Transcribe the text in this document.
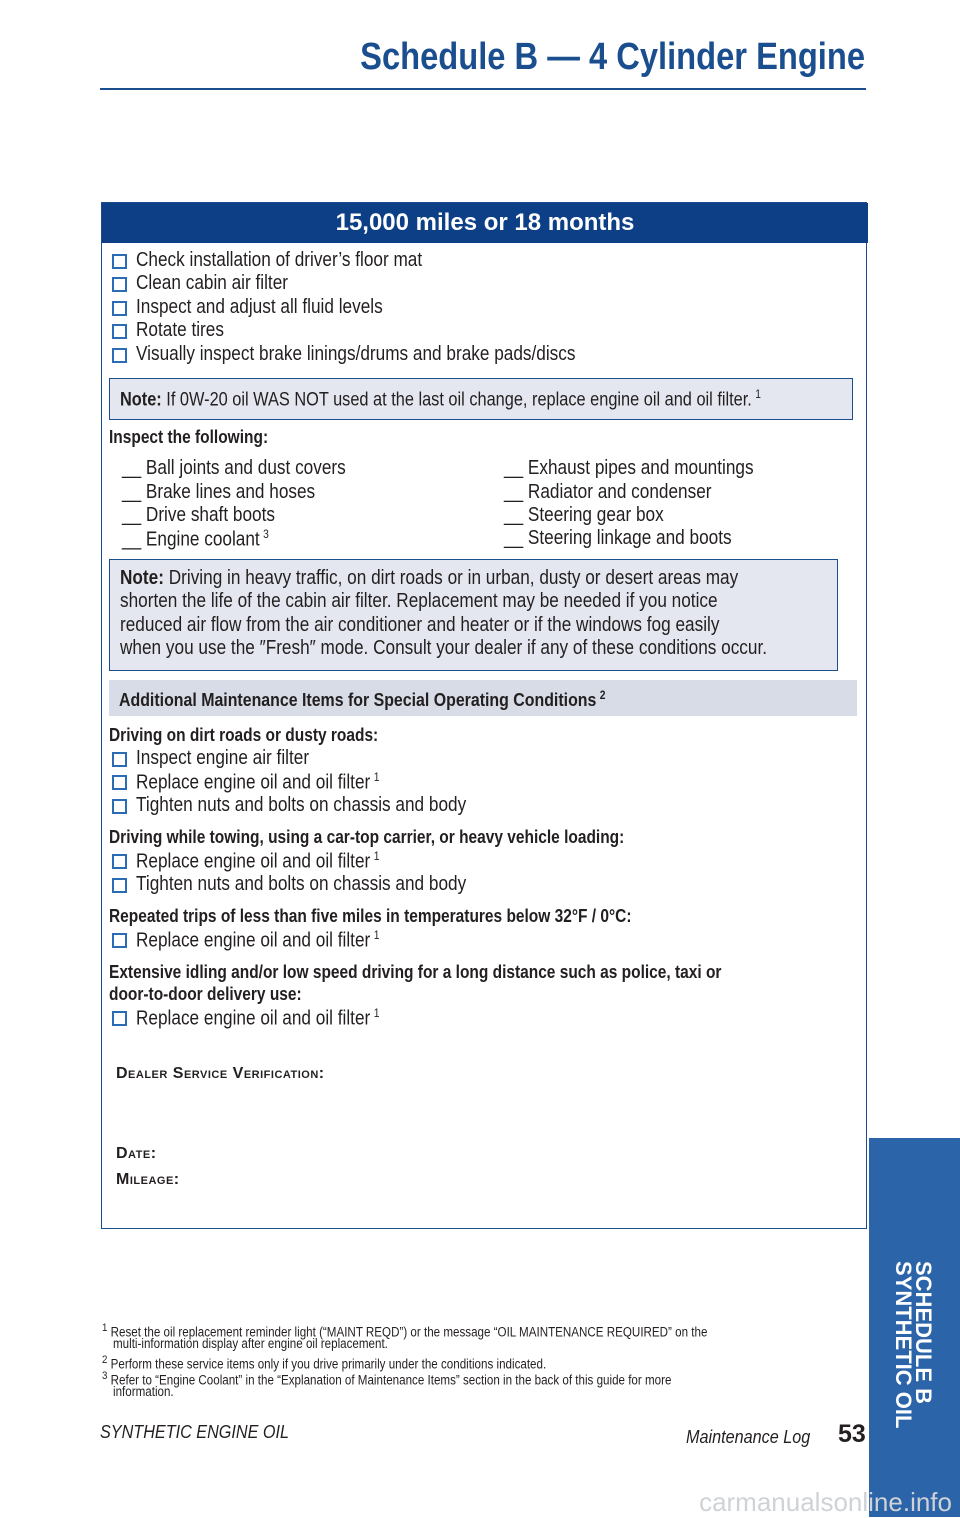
Schedule B — 4 Cylinder Engine
15,000 miles or 18 months
Check installation of driver’s floor mat
Clean cabin air filter
Inspect and adjust all fluid levels
Rotate tires
Visually inspect brake linings/drums and brake pads/discs
Note: If 0W-20 oil WAS NOT used at the last oil change, replace engine oil and oil filter. $^1$
Inspect the following:
__ Ball joints and dust covers
__ Brake lines and hoses
__ Drive shaft boots
__ Engine coolant $^3$
__ Exhaust pipes and mountings
__ Radiator and condenser
__ Steering gear box
__ Steering linkage and boots
Note: Driving in heavy traffic, on dirt roads or in urban, dusty or desert areas may
shorten the life of the cabin air filter. Replacement may be needed if you notice
reduced air flow from the air conditioner and heater or if the windows fog easily
when you use the ″Fresh″ mode. Consult your dealer if any of these conditions occur.
Additional Maintenance Items for Special Operating Conditions $^2$
Driving on dirt roads or dusty roads:
Inspect engine air filter
Replace engine oil and oil filter $^1$
Tighten nuts and bolts on chassis and body
Driving while towing, using a car-top carrier, or heavy vehicle loading:
Replace engine oil and oil filter $^1$
Tighten nuts and bolts on chassis and body
Repeated trips of less than five miles in temperatures below 32°F / 0°C:
Replace engine oil and oil filter $^1$
Extensive idling and/or low speed driving for a long distance such as police, taxi or
door-to-door delivery use:
Replace engine oil and oil filter $^1$
Dealer Service Verification:
Date:
Mileage:
SCHEDULE B
SYNTHETIC OIL
$^1$ Reset the oil replacement reminder light (“MAINT REQD”) or the message “OIL MAINTENANCE REQUIRED” on the
multi-information display after engine oil replacement.
$^2$ Perform these service items only if you drive primarily under the conditions indicated.
$^3$ Refer to “Engine Coolant” in the “Explanation of Maintenance Items” section in the back of this guide for more
information.
SYNTHETIC ENGINE OIL	Maintenance Log 53
carmanualsonline.info
